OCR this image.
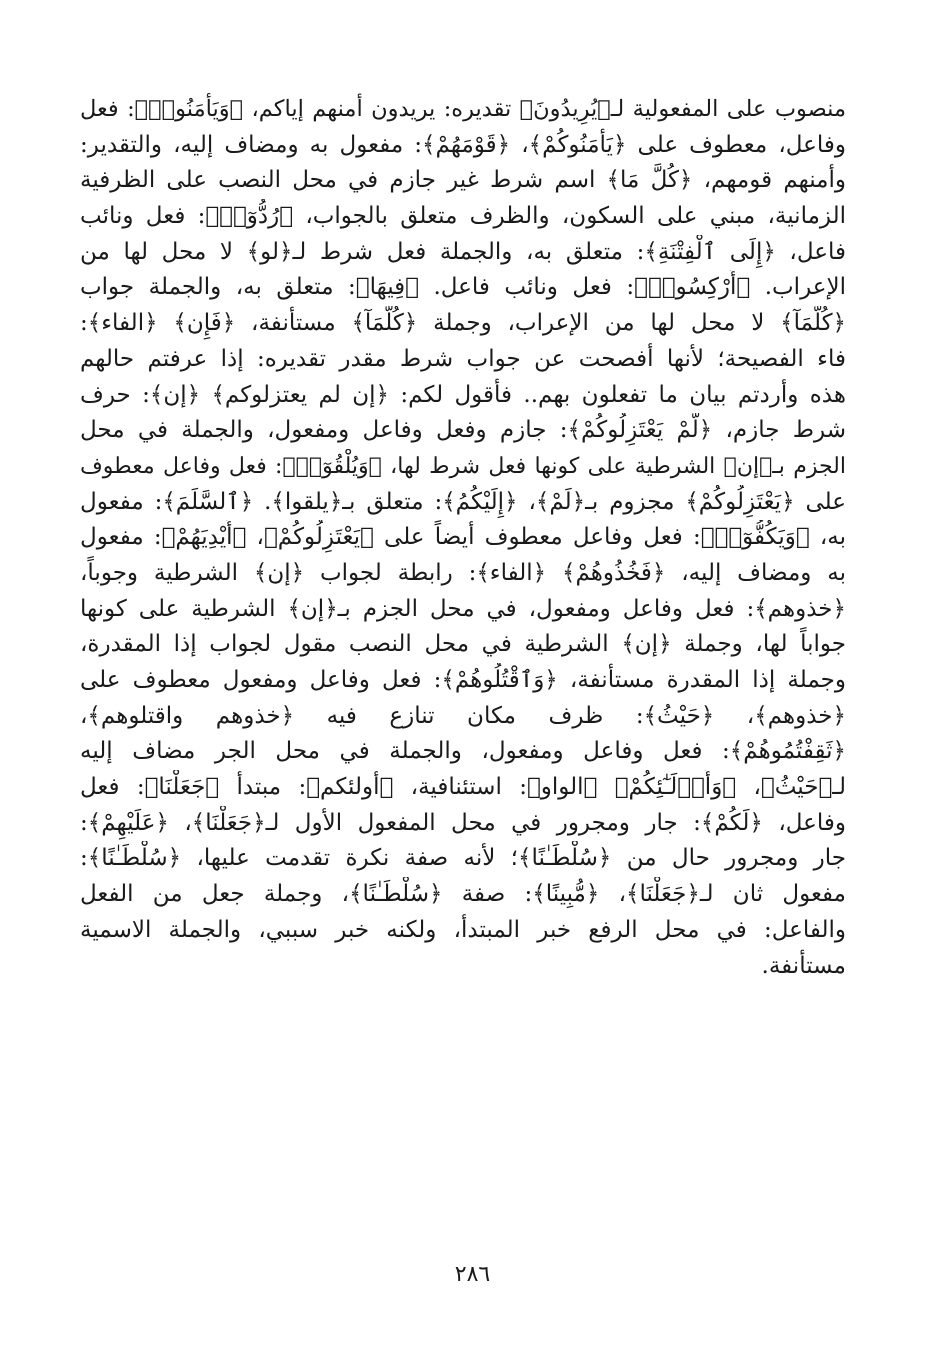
منصوب على المفعولية لـ﴿يُرِيدُونَ﴾ تقديره: يريدون أمنهم إياكم، ﴿وَيَأْمَنُوا۟﴾: فعل
وفاعل، معطوف على ﴿يَأْمَنُوكُمْ﴾، ﴿قَوْمَهُمْ﴾: مفعول به ومضاف إليه، والتقدير:
وأمنهم قومهم، ﴿كُلَّ مَا﴾ اسم شرط غير جازم في محل النصب على الظرفية
الزمانية، مبني على السكون، والظرف متعلق بالجواب، ﴿رُدُّوٓا۟﴾: فعل ونائب
فاعل، ﴿إِلَى ٱلْفِتْنَةِ﴾: متعلق به، والجملة فعل شرط لـ﴿لو﴾ لا محل لها من
الإعراب. ﴿أُرْكِسُوا۟﴾: فعل ونائب فاعل. ﴿فِيهَا﴾: متعلق به، والجملة جواب
﴿كُلَّمَآ﴾ لا محل لها من الإعراب، وجملة ﴿كُلَّمَآ﴾ مستأنفة، ﴿فَإِن﴾ ﴿الفاء﴾:
فاء الفصيحة؛ لأنها أفصحت عن جواب شرط مقدر تقديره: إذا عرفتم حالهم
هذه وأردتم بيان ما تفعلون بهم.. فأقول لكم: ﴿إن لم يعتزلوكم﴾ ﴿إن﴾: حرف
شرط جازم، ﴿لَّمْ يَعْتَزِلُوكُمْ﴾: جازم وفعل وفاعل ومفعول، والجملة في محل
الجزم بـ﴿إن﴾ الشرطية على كونها فعل شرط لها، ﴿وَيُلْقُوٓا۟﴾: فعل وفاعل معطوف
على ﴿يَعْتَزِلُوكُمْ﴾ مجزوم بـ﴿لَمْ﴾، ﴿إِلَيْكُمُ﴾: متعلق بـ﴿يلقوا﴾. ﴿ٱلسَّلَمَ﴾: مفعول
به، ﴿وَيَكُفُّوٓا۟﴾: فعل وفاعل معطوف أيضاً على ﴿يَعْتَزِلُوكُمْ﴾، ﴿أَيْدِيَهُمْ﴾: مفعول
به ومضاف إليه، ﴿فَخُذُوهُمْ﴾ ﴿الفاء﴾: رابطة لجواب ﴿إن﴾ الشرطية وجوباً،
﴿خذوهم﴾: فعل وفاعل ومفعول، في محل الجزم بـ﴿إن﴾ الشرطية على كونها
جواباً لها، وجملة ﴿إن﴾ الشرطية في محل النصب مقول لجواب إذا المقدرة،
وجملة إذا المقدرة مستأنفة، ﴿وَٱقْتُلُوهُمْ﴾: فعل وفاعل ومفعول معطوف على
﴿خذوهم﴾، ﴿حَيْثُ﴾: ظرف مكان تنازع فيه ﴿خذوهم واقتلوهم﴾،
﴿ثَقِفْتُمُوهُمْ﴾: فعل وفاعل ومفعول، والجملة في محل الجر مضاف إليه
لـ﴿حَيْثُ﴾، ﴿وَأُو۟لَـٰٓئِكُمْ﴾ ﴿الواو﴾: استئنافية، ﴿أولئكم﴾: مبتدأ ﴿جَعَلْنَا﴾: فعل
وفاعل، ﴿لَكُمْ﴾: جار ومجرور في محل المفعول الأول لـ﴿جَعَلْنَا﴾، ﴿عَلَيْهِمْ﴾:
جار ومجرور حال من ﴿سُلْطَـٰنًا﴾؛ لأنه صفة نكرة تقدمت عليها، ﴿سُلْطَـٰنًا﴾:
مفعول ثان لـ﴿جَعَلْنَا﴾، ﴿مُّبِينًا﴾: صفة ﴿سُلْطَـٰنًا﴾، وجملة جعل من الفعل
والفاعل: في محل الرفع خبر المبتدأ، ولكنه خبر سببي، والجملة الاسمية
مستأنفة.
٢٨٦
